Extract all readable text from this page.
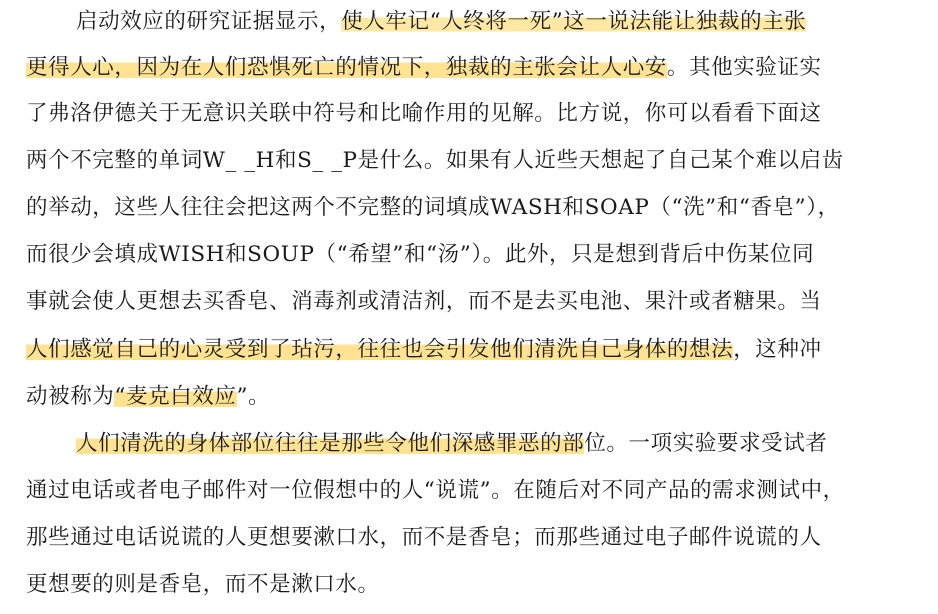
启动效应的研究证据显示，使人牢记“人终将一死”这一说法能让独裁的主张
更得人心，因为在人们恐惧死亡的情况下，独裁的主张会让人心安。其他实验证实
了弗洛伊德关于无意识关联中符号和比喻作用的见解。比方说，你可以看看下面这
两个不完整的单词W_ _H和S_ _P是什么。如果有人近些天想起了自己某个难以启齿
的举动，这些人往往会把这两个不完整的词填成WASH和SOAP（“洗”和“香皂”），
而很少会填成WISH和SOUP（“希望”和“汤”）。此外，只是想到背后中伤某位同
事就会使人更想去买香皂、消毒剂或清洁剂，而不是去买电池、果汁或者糖果。当
人们感觉自己的心灵受到了玷污，往往也会引发他们清洗自己身体的想法，这种冲
动被称为“麦克白效应”。
人们清洗的身体部位往往是那些令他们深感罪恶的部位。一项实验要求受试者
通过电话或者电子邮件对一位假想中的人“说谎”。在随后对不同产品的需求测试中，
那些通过电话说谎的人更想要漱口水，而不是香皂；而那些通过电子邮件说谎的人
更想要的则是香皂，而不是漱口水。
